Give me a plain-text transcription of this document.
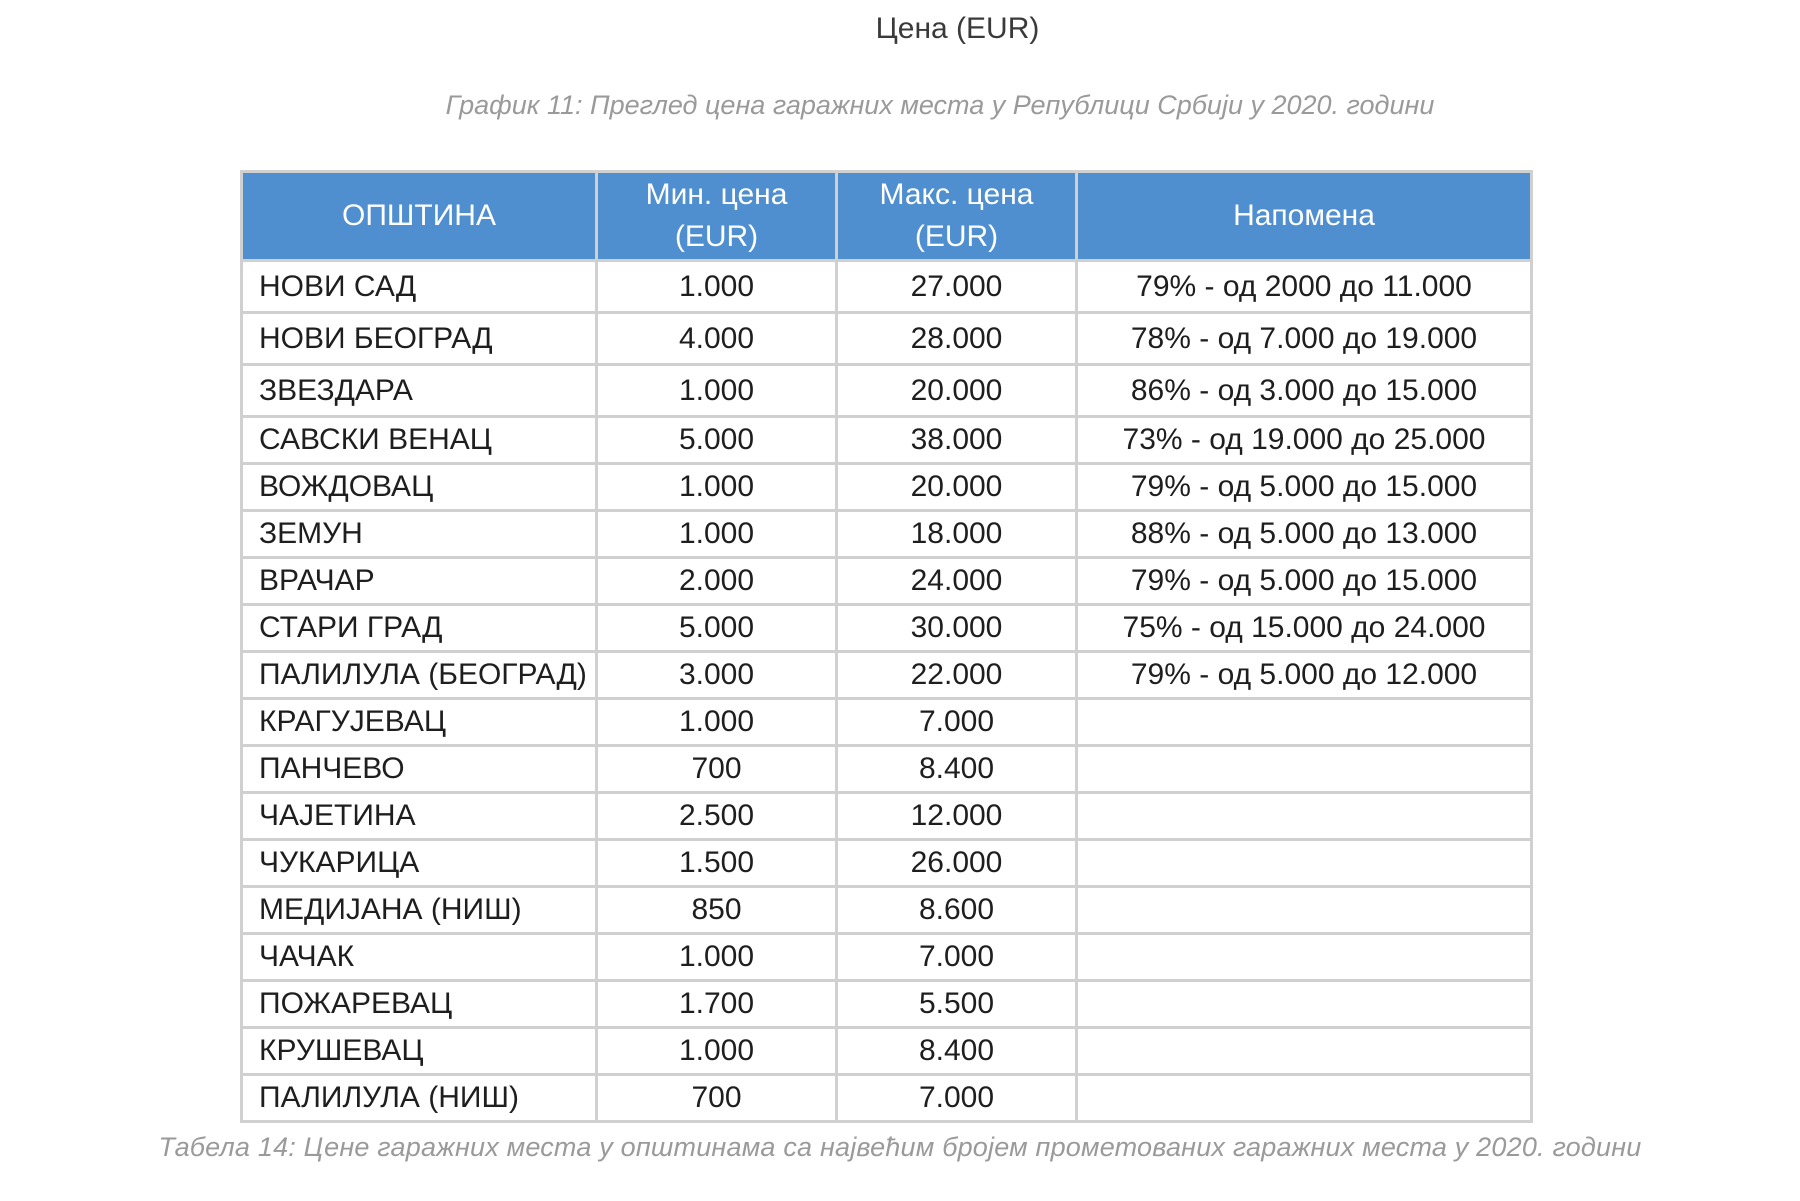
Цена (EUR)
График 11: Преглед цена гаражних места у Републици Србији у 2020. години
ОПШТИНА	Мин. цена (EUR)	Макс. цена (EUR)	Напомена
НОВИ САД	1.000	27.000	79% - од 2000 до 11.000
НОВИ БЕОГРАД	4.000	28.000	78% - од 7.000 до 19.000
ЗВЕЗДАРА	1.000	20.000	86% - од 3.000 до 15.000
САВСКИ ВЕНАЦ	5.000	38.000	73% - од 19.000 до 25.000
ВОЖДОВАЦ	1.000	20.000	79% - од 5.000 до 15.000
ЗЕМУН	1.000	18.000	88% - од 5.000 до 13.000
ВРАЧАР	2.000	24.000	79% - од 5.000 до 15.000
СТАРИ ГРАД	5.000	30.000	75% - од 15.000 до 24.000
ПАЛИЛУЛА (БЕОГРАД)	3.000	22.000	79% - од 5.000 до 12.000
КРАГУЈЕВАЦ	1.000	7.000	
ПАНЧЕВО	700	8.400	
ЧАЈЕТИНА	2.500	12.000	
ЧУКАРИЦА	1.500	26.000	
МЕДИЈАНА (НИШ)	850	8.600	
ЧАЧАК	1.000	7.000	
ПОЖАРЕВАЦ	1.700	5.500	
КРУШЕВАЦ	1.000	8.400	
ПАЛИЛУЛА (НИШ)	700	7.000	
Табела 14: Цене гаражних места у општинама са највећим бројем прометованих гаражних места у 2020. години
